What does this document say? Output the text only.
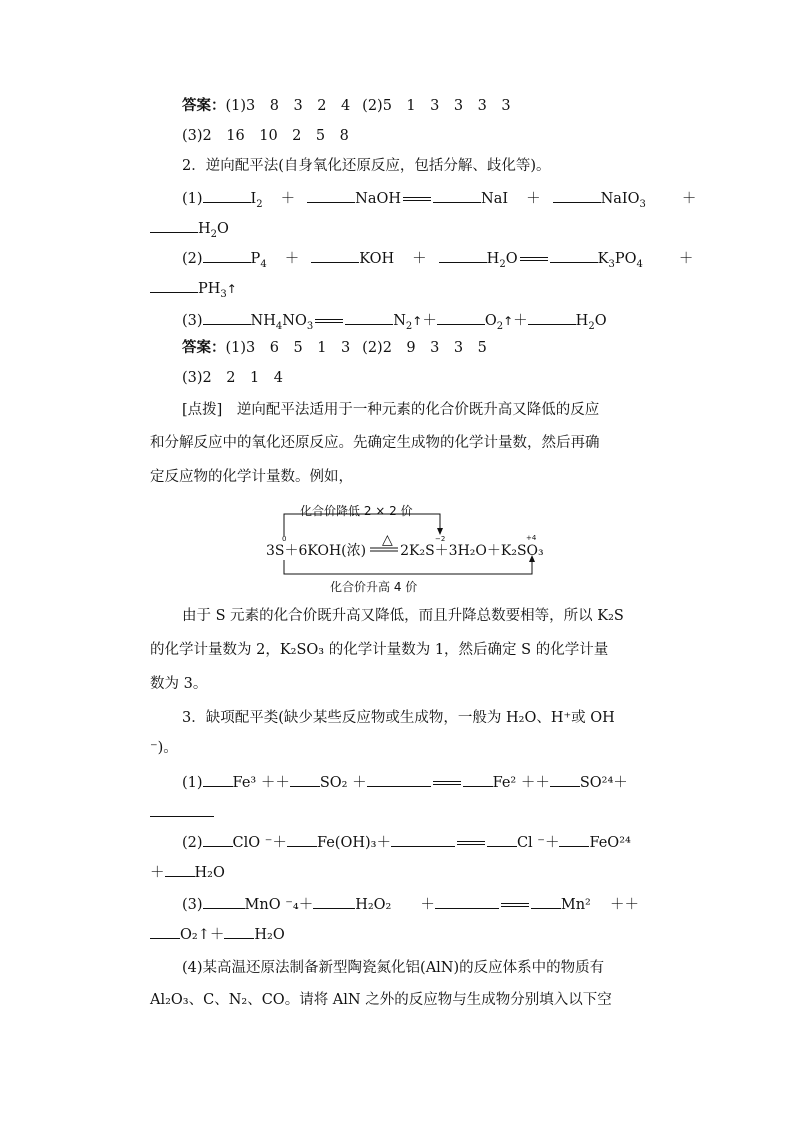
答案：(1)3　8　3　2　4 (2)5　1　3　3　3　3
(3)2　16　10　2　5　8
2．逆向配平法(自身氧化还原反应，包括分解、歧化等)。
(1)	$I_2$ ＋	NaOH	NaI ＋	NaIO$_3$ ＋
$H_2O$
(2)	$P_4$ ＋	KOH ＋	$H_2O$	$K_3PO_4$ ＋
$PH_3↑$
(3)	$NH_4NO_3$	$N_2↑+$	$O_2↑+$	$H_2O$
答案：(1)3　6　5　1　3 (2)2　9　3　3　5
(3)2　2　1　4
[点拨]　逆向配平法适用于一种元素的化合价既升高又降低的反应
和分解反应中的氧化还原反应。先确定生成物的化学计量数，然后再确
定反应物的化学计量数。例如，
化合价降低 2 × 2 价
△
0	−2	+4
3S＋6KOH(浓) 2K₂S＋3H₂O＋K₂SO₃
化合价升高 4 价
由于 S 元素的化合价既升高又降低，而且升降总数要相等，所以 K₂S
的化学计量数为 2，K₂SO₃ 的化学计量数为 1，然后确定 S 的化学计量
数为 3。
3．缺项配平类(缺少某些反应物或生成物，一般为 H₂O、H⁺或 OH
⁻)。
(1) Fe³ ＋＋ SO₂ ＋	Fe² ＋＋ SO²⁴＋
(2) ClO ⁻＋ Fe(OH)₃＋	Cl ⁻＋ FeO²⁴
＋ H₂O
(3)	MnO ⁻₄＋	H₂O₂　　＋	Mn²　 ＋＋
O₂↑＋ H₂O
(4)某高温还原法制备新型陶瓷氮化铝(AlN)的反应体系中的物质有
Al₂O₃、C、N₂、CO。请将 AlN 之外的反应物与生成物分别填入以下空
